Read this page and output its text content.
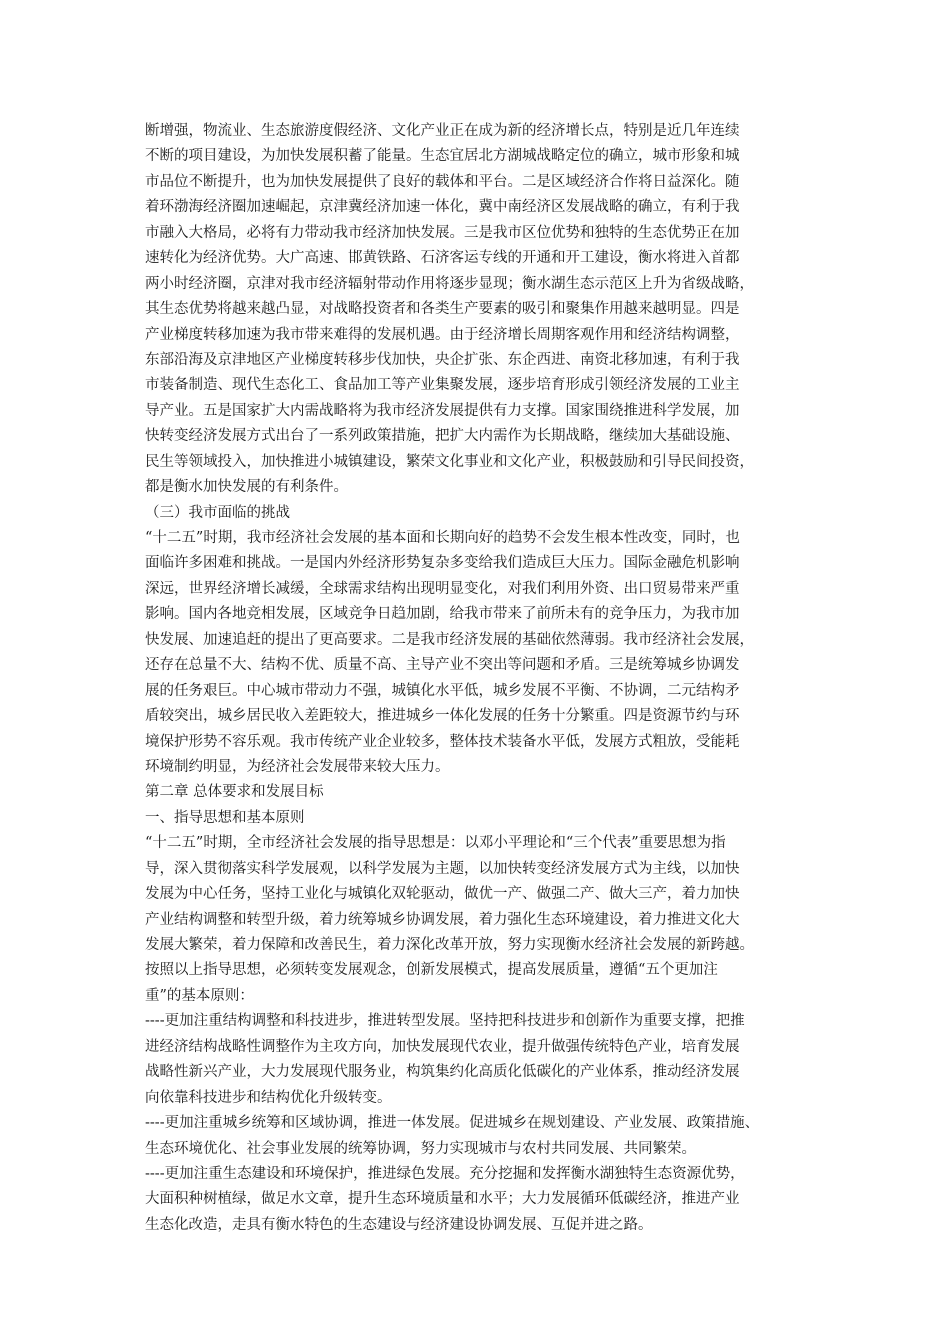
断增强，物流业、生态旅游度假经济、文化产业正在成为新的经济增长点，特别是近几年连续
不断的项目建设，为加快发展积蓄了能量。生态宜居北方湖城战略定位的确立，城市形象和城
市品位不断提升，也为加快发展提供了良好的载体和平台。二是区域经济合作将日益深化。随
着环渤海经济圈加速崛起，京津冀经济加速一体化，冀中南经济区发展战略的确立，有利于我
市融入大格局，必将有力带动我市经济加快发展。三是我市区位优势和独特的生态优势正在加
速转化为经济优势。大广高速、邯黄铁路、石济客运专线的开通和开工建设，衡水将进入首都
两小时经济圈，京津对我市经济辐射带动作用将逐步显现；衡水湖生态示范区上升为省级战略，
其生态优势将越来越凸显，对战略投资者和各类生产要素的吸引和聚集作用越来越明显。四是
产业梯度转移加速为我市带来难得的发展机遇。由于经济增长周期客观作用和经济结构调整，
东部沿海及京津地区产业梯度转移步伐加快，央企扩张、东企西进、南资北移加速，有利于我
市装备制造、现代生态化工、食品加工等产业集聚发展，逐步培育形成引领经济发展的工业主
导产业。五是国家扩大内需战略将为我市经济发展提供有力支撑。国家围绕推进科学发展，加
快转变经济发展方式出台了一系列政策措施，把扩大内需作为长期战略，继续加大基础设施、
民生等领域投入，加快推进小城镇建设，繁荣文化事业和文化产业，积极鼓励和引导民间投资，
都是衡水加快发展的有利条件。
（三）我市面临的挑战
“十二五”时期，我市经济社会发展的基本面和长期向好的趋势不会发生根本性改变，同时，也
面临许多困难和挑战。一是国内外经济形势复杂多变给我们造成巨大压力。国际金融危机影响
深远，世界经济增长减缓，全球需求结构出现明显变化，对我们利用外资、出口贸易带来严重
影响。国内各地竞相发展，区域竞争日趋加剧，给我市带来了前所未有的竞争压力，为我市加
快发展、加速追赶的提出了更高要求。二是我市经济发展的基础依然薄弱。我市经济社会发展，
还存在总量不大、结构不优、质量不高、主导产业不突出等问题和矛盾。三是统筹城乡协调发
展的任务艰巨。中心城市带动力不强，城镇化水平低，城乡发展不平衡、不协调，二元结构矛
盾较突出，城乡居民收入差距较大，推进城乡一体化发展的任务十分繁重。四是资源节约与环
境保护形势不容乐观。我市传统产业企业较多，整体技术装备水平低，发展方式粗放，受能耗
环境制约明显，为经济社会发展带来较大压力。
第二章 总体要求和发展目标
一、指导思想和基本原则
“十二五”时期，全市经济社会发展的指导思想是：以邓小平理论和“三个代表”重要思想为指
导，深入贯彻落实科学发展观，以科学发展为主题，以加快转变经济发展方式为主线，以加快
发展为中心任务，坚持工业化与城镇化双轮驱动，做优一产、做强二产、做大三产，着力加快
产业结构调整和转型升级，着力统筹城乡协调发展，着力强化生态环境建设，着力推进文化大
发展大繁荣，着力保障和改善民生，着力深化改革开放，努力实现衡水经济社会发展的新跨越。
按照以上指导思想，必须转变发展观念，创新发展模式，提高发展质量，遵循“五个更加注
重”的基本原则：
----更加注重结构调整和科技进步，推进转型发展。坚持把科技进步和创新作为重要支撑，把推
进经济结构战略性调整作为主攻方向，加快发展现代农业，提升做强传统特色产业，培育发展
战略性新兴产业，大力发展现代服务业，构筑集约化高质化低碳化的产业体系，推动经济发展
向依靠科技进步和结构优化升级转变。
----更加注重城乡统筹和区域协调，推进一体发展。促进城乡在规划建设、产业发展、政策措施、
生态环境优化、社会事业发展的统筹协调，努力实现城市与农村共同发展、共同繁荣。
----更加注重生态建设和环境保护，推进绿色发展。充分挖掘和发挥衡水湖独特生态资源优势，
大面积种树植绿，做足水文章，提升生态环境质量和水平；大力发展循环低碳经济，推进产业
生态化改造，走具有衡水特色的生态建设与经济建设协调发展、互促并进之路。
